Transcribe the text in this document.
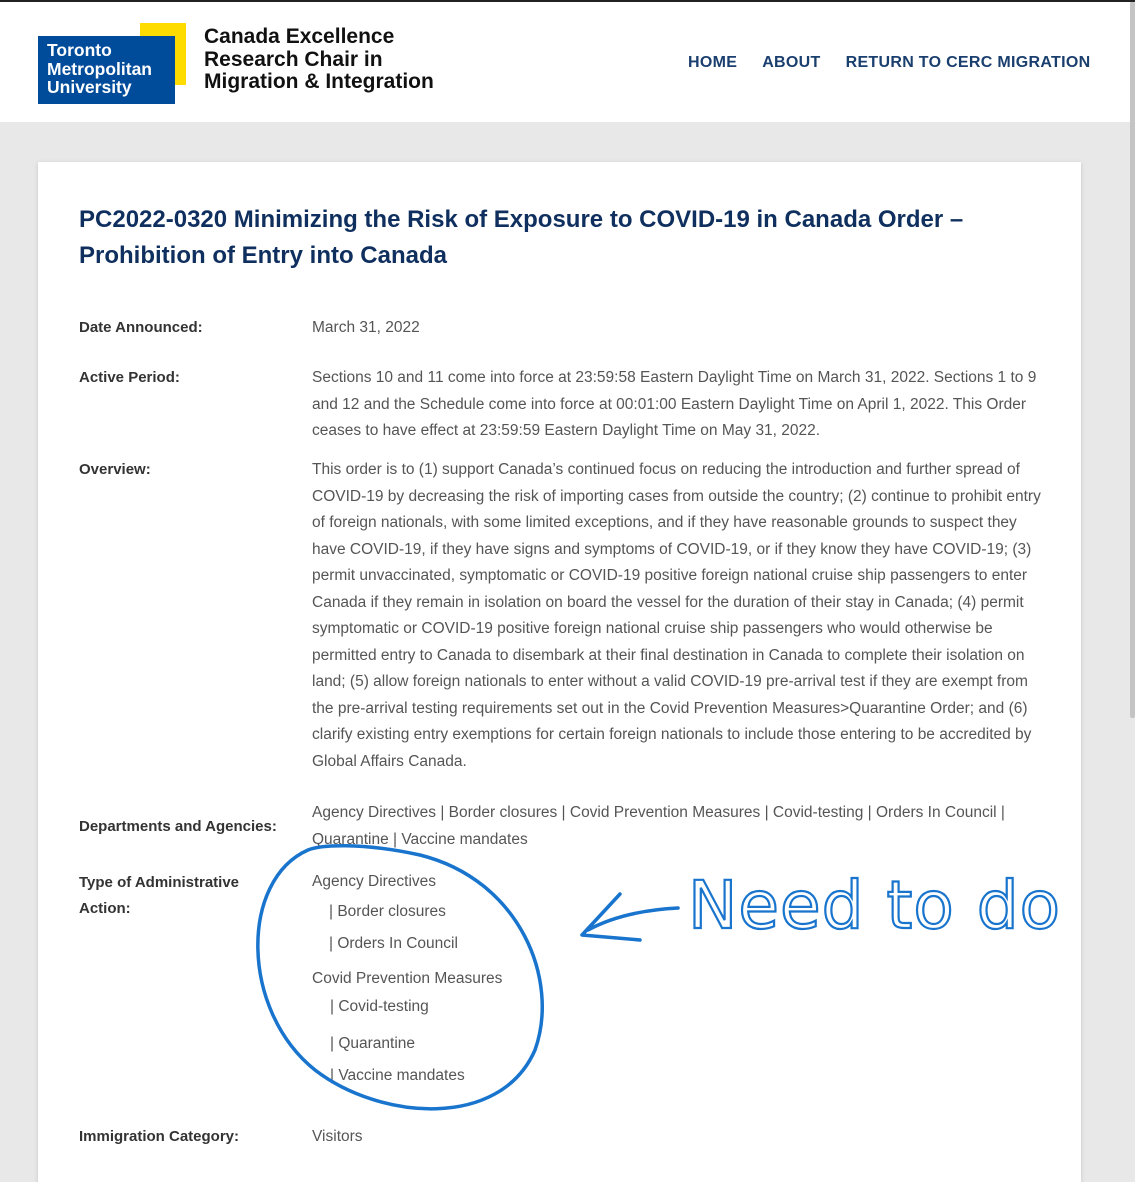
Toronto
Metropolitan
University
Canada Excellence
Research Chair in
Migration & Integration
HOME ABOUT RETURN TO CERC MIGRATION
PC2022-0320 Minimizing the Risk of Exposure to COVID-19 in Canada Order – Prohibition of Entry into Canada
Date Announced:	March 31, 2022
Active Period:	Sections 10 and 11 come into force at 23:59:58 Eastern Daylight Time on March 31, 2022. Sections 1 to 9 and 12 and the Schedule come into force at 00:01:00 Eastern Daylight Time on April 1, 2022. This Order ceases to have effect at 23:59:59 Eastern Daylight Time on May 31, 2022.
Overview:	This order is to (1) support Canada’s continued focus on reducing the introduction and further spread of COVID-19 by decreasing the risk of importing cases from outside the country; (2) continue to prohibit entry of foreign nationals, with some limited exceptions, and if they have reasonable grounds to suspect they have COVID-19, if they have signs and symptoms of COVID-19, or if they know they have COVID-19; (3) permit unvaccinated, symptomatic or COVID-19 positive foreign national cruise ship passengers to enter Canada if they remain in isolation on board the vessel for the duration of their stay in Canada; (4) permit symptomatic or COVID-19 positive foreign national cruise ship passengers who would otherwise be permitted entry to Canada to disembark at their final destination in Canada to complete their isolation on land; (5) allow foreign nationals to enter without a valid COVID-19 pre-arrival test if they are exempt from the pre-arrival testing requirements set out in the Covid Prevention Measures>Quarantine Order; and (6) clarify existing entry exemptions for certain foreign nationals to include those entering to be accredited by Global Affairs Canada.
Departments and Agencies:
Agency Directives | Border closures | Covid Prevention Measures | Covid-testing | Orders In Council | Quarantine | Vaccine mandates
Type of Administrative
Action:
Agency Directives
| Border closures
| Orders In Council
Covid Prevention Measures
| Covid-testing
| Quarantine
| Vaccine mandates
Immigration Category:	Visitors
Need to do
